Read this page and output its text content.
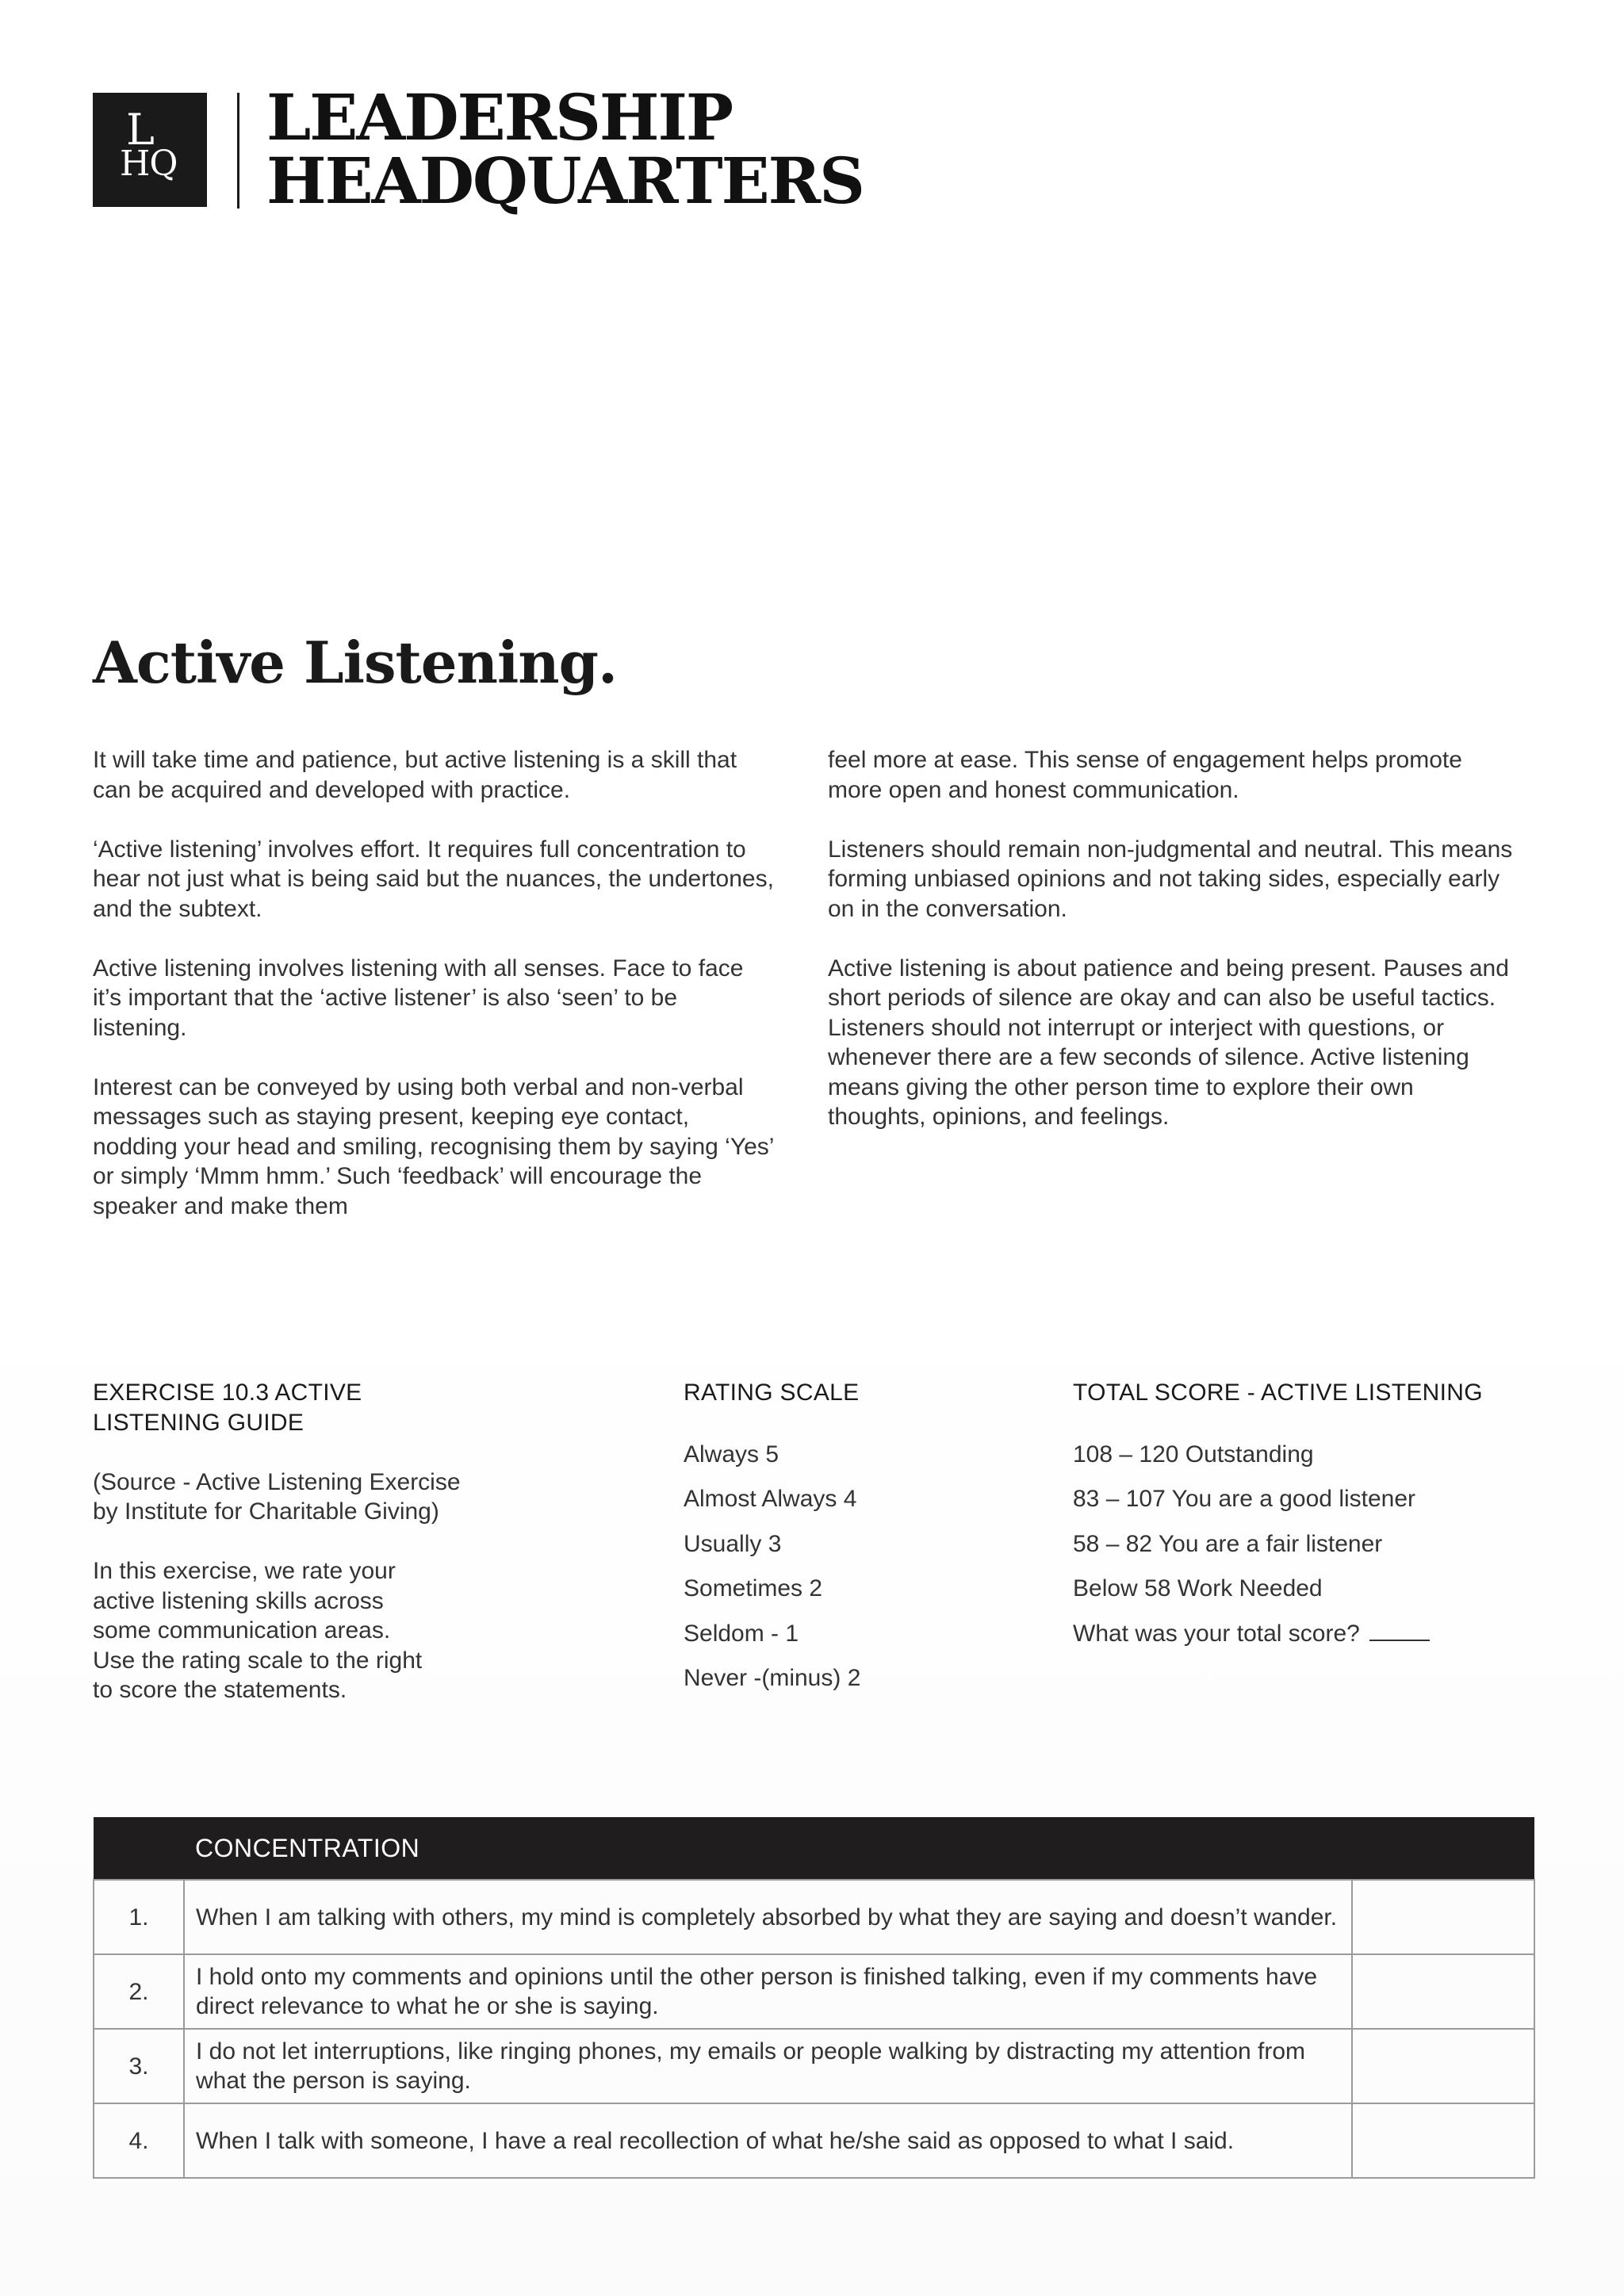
L
HQ
LEADERSHIP
HEADQUARTERS
Active Listening.

It will take time and patience, but active listening is a skill that can be acquired and developed with practice.

‘Active listening’ involves effort. It requires full concentration to hear not just what is being said but the nuances, the undertones, and the subtext.

Active listening involves listening with all senses. Face to face it’s important that the ‘active listener’ is also ‘seen’ to be listening.

Interest can be conveyed by using both verbal and non-verbal messages such as staying present, keeping eye contact, nodding your head and smiling, recognising them by saying ‘Yes’ or simply ‘Mmm hmm.’ Such ‘feedback’ will encourage the speaker and make them

feel more at ease. This sense of engagement helps promote more open and honest communication.

Listeners should remain non-judgmental and neutral. This means forming unbiased opinions and not taking sides, especially early on in the conversation.

Active listening is about patience and being present. Pauses and short periods of silence are okay and can also be useful tactics. Listeners should not interrupt or interject with questions, or whenever there are a few seconds of silence. Active listening means giving the other person time to explore their own thoughts, opinions, and feelings.

EXERCISE 10.3 ACTIVE

LISTENING GUIDE

(Source - Active Listening Exercise

by Institute for Charitable Giving)

In this exercise, we rate your

active listening skills across

some communication areas.

Use the rating scale to the right

to score the statements.

RATING SCALE
Always 5
Almost Always 4
Usually 3
Sometimes 2
Seldom - 1
Never -(minus) 2
TOTAL SCORE - ACTIVE LISTENING
108 – 120 Outstanding
83 – 107 You are a good listener
58 – 82 You are a fair listener
Below 58 Work Needed
What was your total score?
	CONCENTRATION	
1.	When I am talking with others, my mind is completely absorbed by what they are saying and doesn’t wander.	
2.	I hold onto my comments and opinions until the other person is finished talking, even if my comments have direct relevance to what he or she is saying.	
3.	I do not let interruptions, like ringing phones, my emails or people walking by distracting my attention from what the person is saying.	
4.	When I talk with someone, I have a real recollection of what he/she said as opposed to what I said.	
